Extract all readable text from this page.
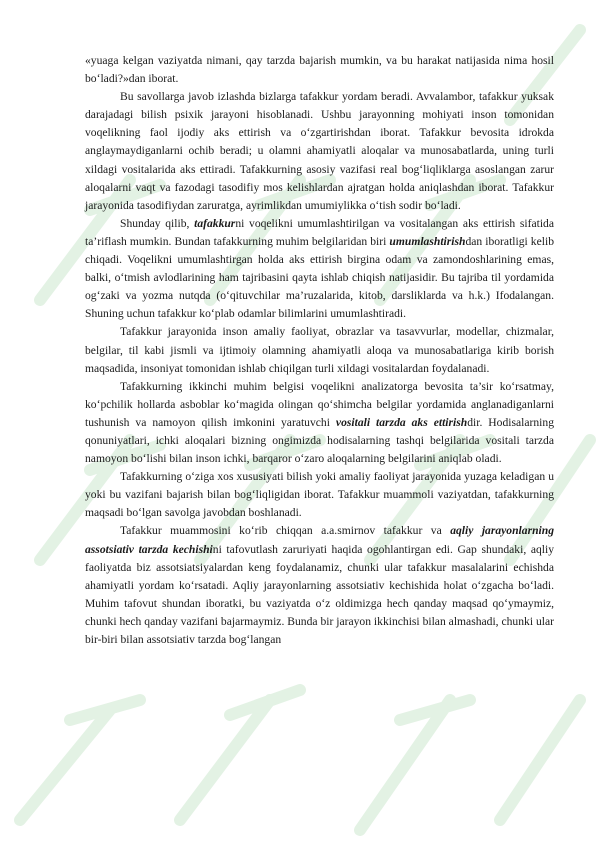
«yuaga kelgan vaziyatda nimani, qay tarzda bajarish mumkin, va bu harakat natijasida nima hosil bo‘ladi?»dan iborat.

Bu savollarga javob izlashda bizlarga tafakkur yordam beradi. Avvalambor, tafakkur yuksak darajadagi bilish psixik jarayoni hisoblanadi. Ushbu jarayonning mohiyati inson tomonidan voqelikning faol ijodiy aks ettirish va o‘zgartirishdan iborat. Tafakkur bevosita idrokda anglaymaydiganlarni ochib beradi; u olamni ahamiyatli aloqalar va munosabatlarda, uning turli xildagi vositalarida aks ettiradi. Tafakkurning asosiy vazifasi real bog‘liqliklarga asoslangan zarur aloqalarni vaqt va fazodagi tasodifiy mos kelishlardan ajratgan holda aniqlashdan iborat. Tafakkur jarayonida tasodifiydan zaruratga, ayrimlikdan umumiylikka o‘tish sodir bo‘ladi.

Shunday qilib, tafakkurni voqelikni umumlashtirilgan va vositalangan aks ettirish sifatida ta’riflash mumkin. Bundan tafakkurning muhim belgilaridan biri umumlashtirishdan iboratligi kelib chiqadi. Voqelikni umumlashtirgan holda aks ettirish birgina odam va zamondoshlarining emas, balki, o‘tmish avlodlarining ham tajribasini qayta ishlab chiqish natijasidir. Bu tajriba til yordamida og‘zaki va yozma nutqda (o‘qituvchilar ma’ruzalarida, kitob, darsliklarda va h.k.) Ifodalangan. Shuning uchun tafakkur ko‘plab odamlar bilimlarini umumlashtiradi.

Tafakkur jarayonida inson amaliy faoliyat, obrazlar va tasavvurlar, modellar, chizmalar, belgilar, til kabi jismli va ijtimoiy olamning ahamiyatli aloqa va munosabatlariga kirib borish maqsadida, insoniyat tomonidan ishlab chiqilgan turli xildagi vositalardan foydalanadi.

Tafakkurning ikkinchi muhim belgisi voqelikni analizatorga bevosita ta’sir ko‘rsatmay, ko‘pchilik hollarda asboblar ko‘magida olingan qo‘shimcha belgilar yordamida anglanadiganlarni tushunish va namoyon qilish imkonini yaratuvchi vositali tarzda aks ettirishdir. Hodisalarning qonuniyatlari, ichki aloqalari bizning ongimizda hodisalarning tashqi belgilarida vositali tarzda namoyon bo‘lishi bilan inson ichki, barqaror o‘zaro aloqalarning belgilarini aniqlab oladi.

Tafakkurning o‘ziga xos xususiyati bilish yoki amaliy faoliyat jarayonida yuzaga keladigan u yoki bu vazifani bajarish bilan bog‘liqligidan iborat. Tafakkur muammoli vaziyatdan, tafakkurning maqsadi bo‘lgan savolga javobdan boshlanadi.

Tafakkur muammosini ko‘rib chiqqan a.a.smirnov tafakkur va aqliy jarayonlarning assotsiativ tarzda kechishini tafovutlash zaruriyati haqida ogohlantirgan edi. Gap shundaki, aqliy faoliyatda biz assotsiatsiyalardan keng foydalanamiz, chunki ular tafakkur masalalarini echishda ahamiyatli yordam ko‘rsatadi. Aqliy jarayonlarning assotsiativ kechishida holat o‘zgacha bo‘ladi. Muhim tafovut shundan iboratki, bu vaziyatda o‘z oldimizga hech qanday maqsad qo‘ymaymiz, chunki hech qanday vazifani bajarmaymiz. Bunda bir jarayon ikkinchisi bilan almashadi, chunki ular bir-biri bilan assotsiativ tarzda bog‘langan
